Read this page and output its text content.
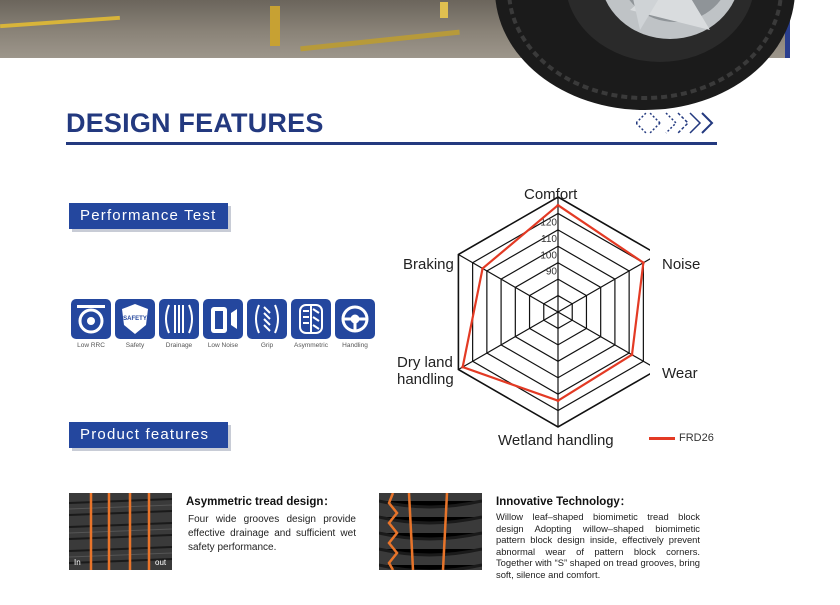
DESIGN FEATURES
Performance Test
Low RRC
SAFETY
Safety	Drainage	Low Noise	Grip	Asymmetric	Handling
Product features
120
110
100
90
Comfort
Noise
Wear
Wetland handling
Dry land
handling
Braking
FRD26
In	out
Asymmetric tread design：
Four wide grooves design provide effective drainage and sufficient wet safety performance.
Innovative Technology：
Willow leaf–shaped biomimetic tread block design Adopting willow–shaped biomimetic pattern block design inside, effectively prevent abnormal wear of pattern block corners. Together with “S” shaped on tread grooves, bring soft, silence and comfort.
